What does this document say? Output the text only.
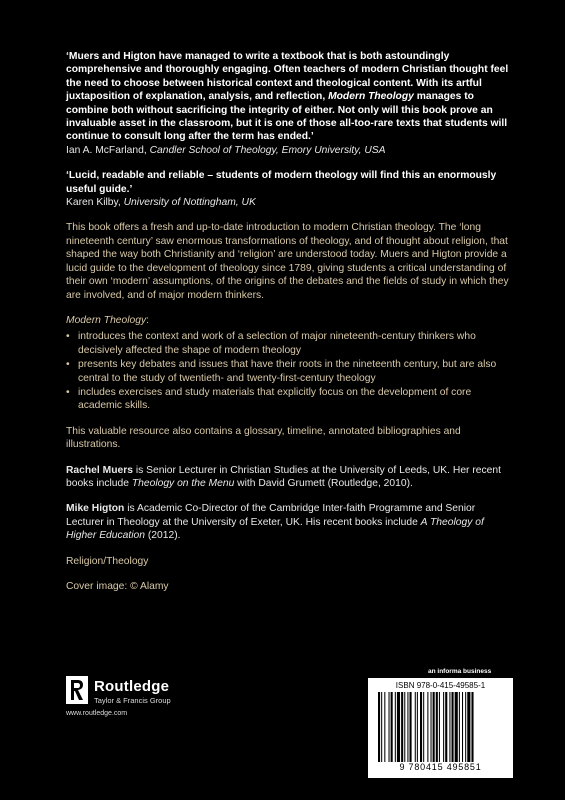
‘Muers and Higton have managed to write a textbook that is both astoundingly comprehensive and thoroughly engaging. Often teachers of modern Christian thought feel the need to choose between historical context and theological content. With its artful juxtaposition of explanation, analysis, and reflection, Modern Theology manages to combine both without sacrificing the integrity of either. Not only will this book prove an invaluable asset in the classroom, but it is one of those all-too-rare texts that students will continue to consult long after the term has ended.’

Ian A. McFarland, Candler School of Theology, Emory University, USA

‘Lucid, readable and reliable – students of modern theology will find this an enormously useful guide.’

Karen Kilby, University of Nottingham, UK

This book offers a fresh and up-to-date introduction to modern Christian theology. The ‘long nineteenth century’ saw enormous transformations of theology, and of thought about religion, that shaped the way both Christianity and ‘religion’ are understood today. Muers and Higton provide a lucid guide to the development of theology since 1789, giving students a critical understanding of their own ‘modern’ assumptions, of the origins of the debates and the fields of study in which they are involved, and of major modern thinkers.

Modern Theology:

• introduces the context and work of a selection of major nineteenth-century thinkers who decisively affected the shape of modern theology
• presents key debates and issues that have their roots in the nineteenth century, but are also central to the study of twentieth- and twenty-first-century theology
• includes exercises and study materials that explicitly focus on the development of core academic skills.

This valuable resource also contains a glossary, timeline, annotated bibliographies and illustrations.

Rachel Muers is Senior Lecturer in Christian Studies at the University of Leeds, UK. Her recent books include Theology on the Menu with David Grumett (Routledge, 2010).

Mike Higton is Academic Co-Director of the Cambridge Inter-faith Programme and Senior Lecturer in Theology at the University of Exeter, UK. His recent books include A Theology of Higher Education (2012).

Religion/Theology

Cover image: © Alamy

Routledge
Taylor & Francis Group
www.routledge.com
an informa business
ISBN 978-0-415-49585-1
9 780415 495851
